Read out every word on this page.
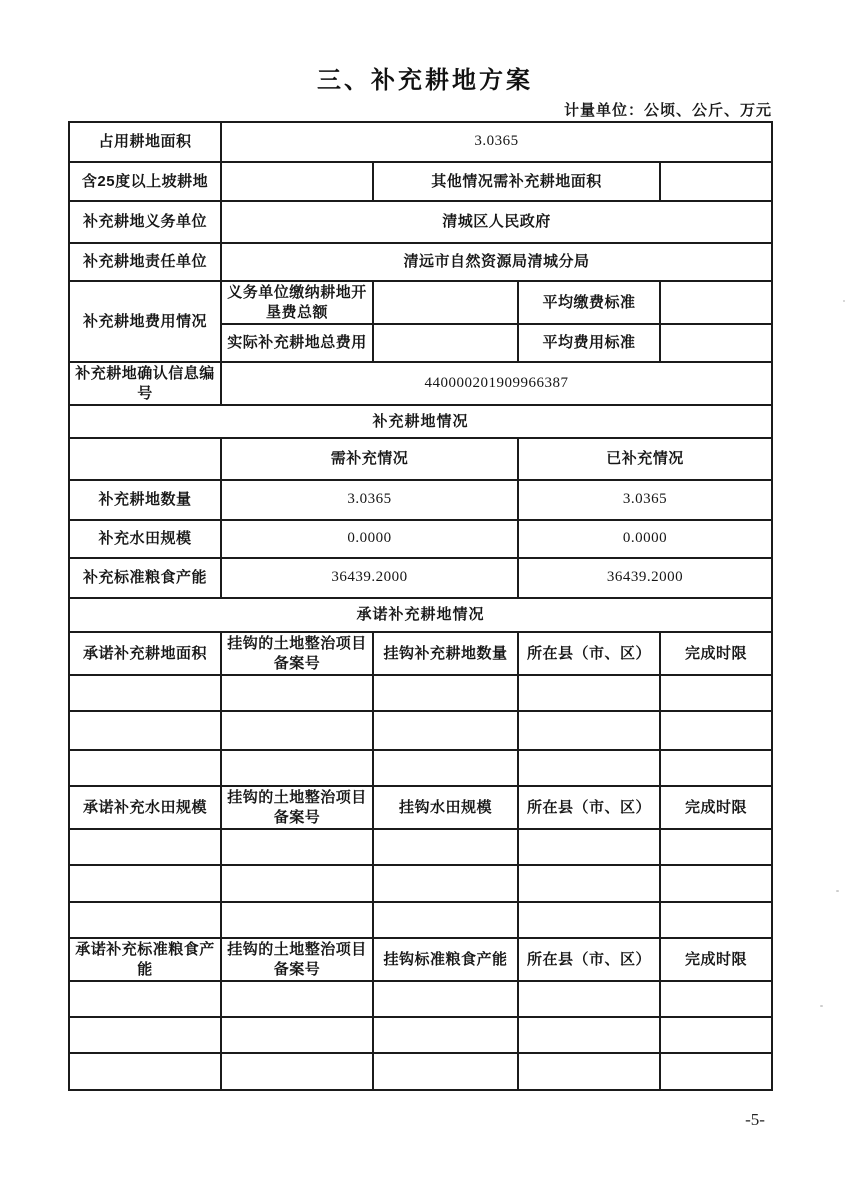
三、补充耕地方案
计量单位：公顷、公斤、万元
占用耕地面积	3.0365			
含25度以上坡耕地		其他情况需补充耕地面积		
补充耕地义务单位	清城区人民政府			
补充耕地责任单位	清远市自然资源局清城分局			
补充耕地费用情况	义务单位缴纳耕地开垦费总额		平均缴费标准	
	实际补充耕地总费用		平均费用标准	
补充耕地确认信息编号	440000201909966387			
补充耕地情况				
	需补充情况		已补充情况	
补充耕地数量	3.0365		3.0365	
补充水田规模	0.0000		0.0000	
补充标准粮食产能	36439.2000		36439.2000	
承诺补充耕地情况				
承诺补充耕地面积	挂钩的土地整治项目备案号	挂钩补充耕地数量	所在县（市、区）	完成时限

承诺补充水田规模	挂钩的土地整治项目备案号	挂钩水田规模	所在县（市、区）	完成时限

承诺补充标准粮食产能	挂钩的土地整治项目备案号	挂钩标准粮食产能	所在县（市、区）	完成时限

-5-
